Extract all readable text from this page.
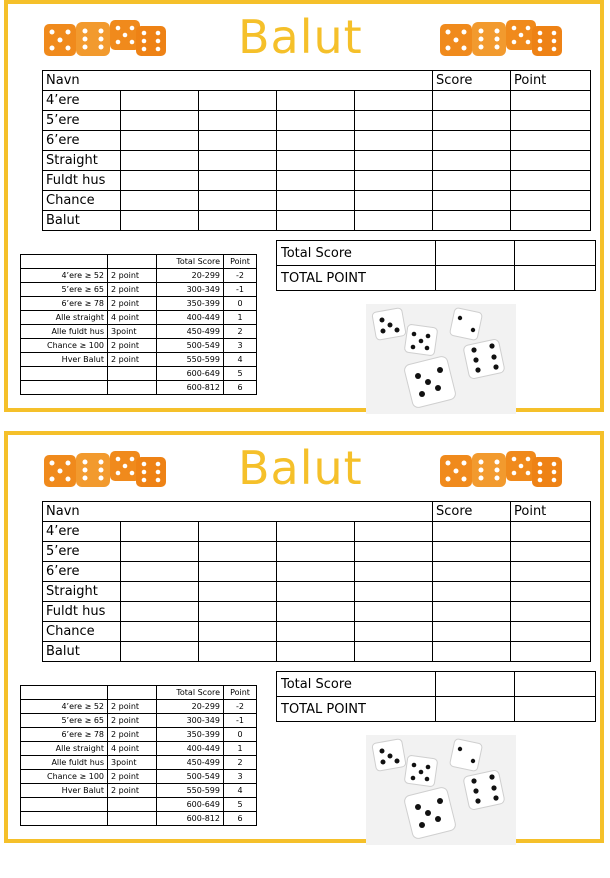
Balut
Navn					Score	Point
4’ere						
5’ere						
6’ere						
Straight						
Fuldt hus						
Chance						
Balut						
Total Score		
TOTAL POINT		
		Total Score	Point
4’ere ≥ 52	2 point	20-299	-2
5’ere ≥ 65	2 point	300-349	-1
6’ere ≥ 78	2 point	350-399	0
Alle straight	4 point	400-449	1
Alle fuldt hus	3point	450-499	2
Chance ≥ 100	2 point	500-549	3
Hver Balut	2 point	550-599	4
		600-649	5
		600-812	6
Balut
Navn					Score	Point
4’ere						
5’ere						
6’ere						
Straight						
Fuldt hus						
Chance						
Balut						
Total Score		
TOTAL POINT		
		Total Score	Point
4’ere ≥ 52	2 point	20-299	-2
5’ere ≥ 65	2 point	300-349	-1
6’ere ≥ 78	2 point	350-399	0
Alle straight	4 point	400-449	1
Alle fuldt hus	3point	450-499	2
Chance ≥ 100	2 point	500-549	3
Hver Balut	2 point	550-599	4
		600-649	5
		600-812	6
